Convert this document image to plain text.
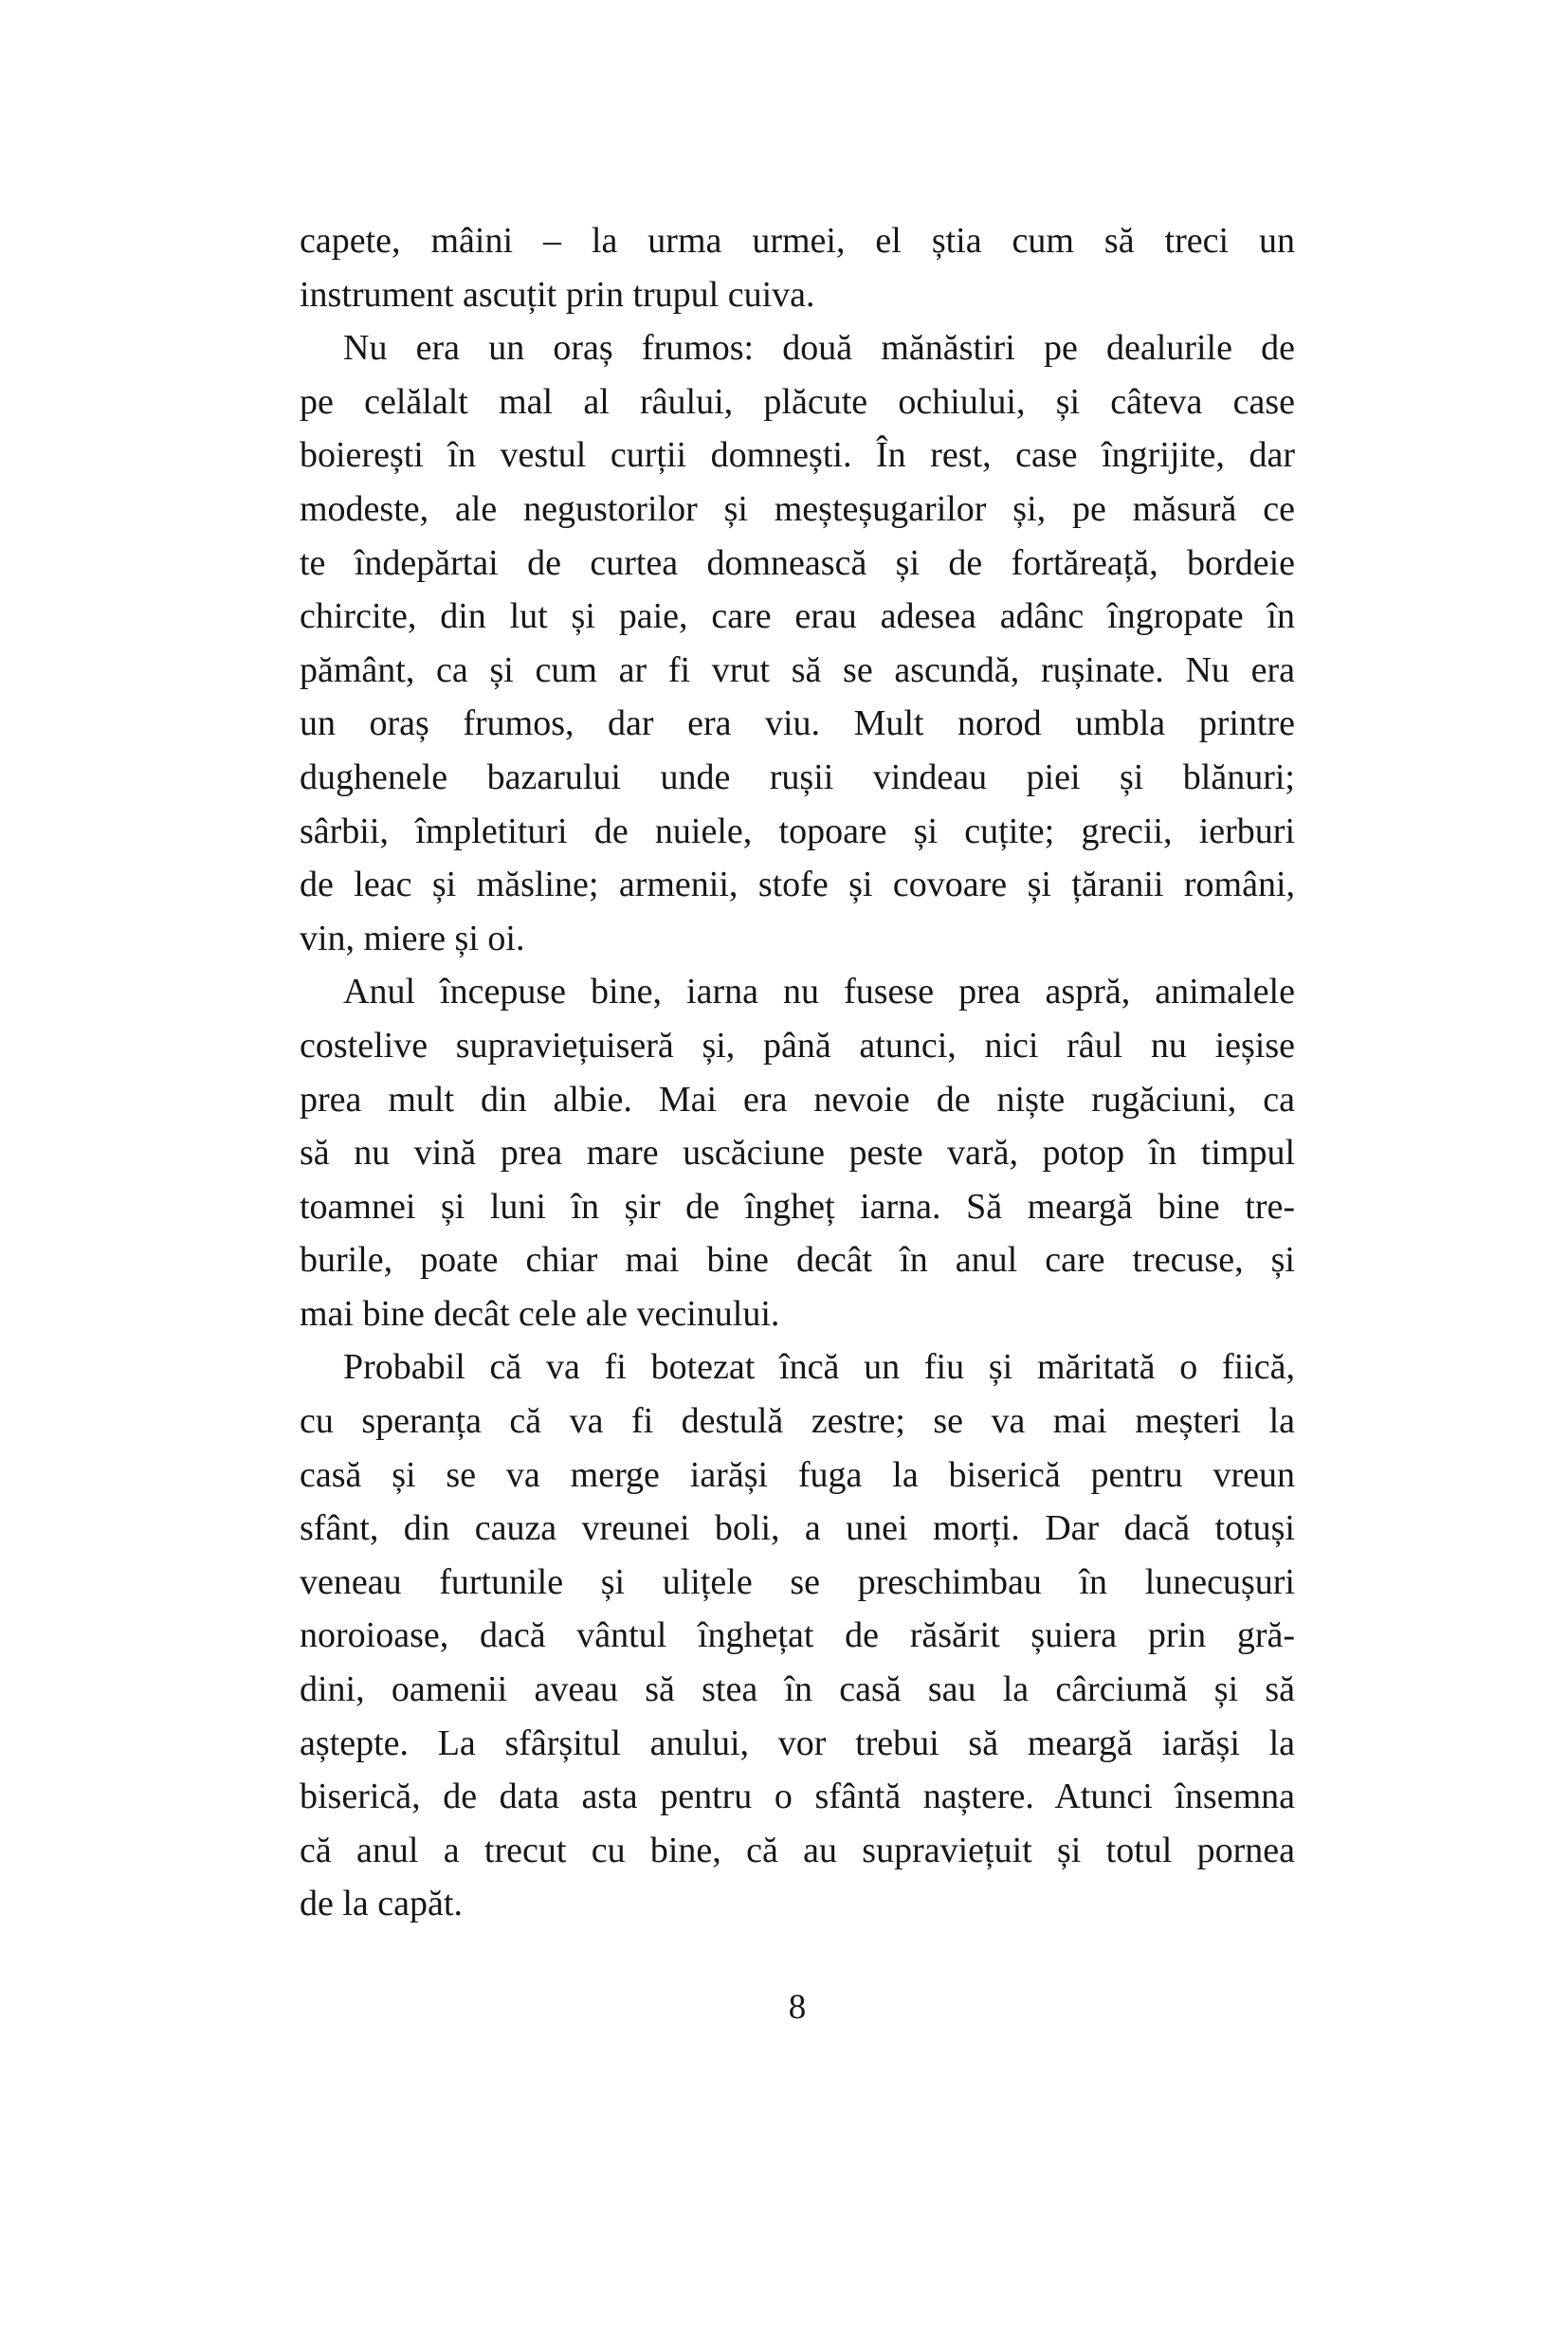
capete, mâini – la urma urmei, el știa cum să treci un
instrument ascuțit prin trupul cuiva.
Nu era un oraș frumos: două mănăstiri pe dealurile de
pe celălalt mal al râului, plăcute ochiului, și câteva case
boierești în vestul curții domnești. În rest, case îngrijite, dar
modeste, ale negustorilor și meșteșugarilor și, pe măsură ce
te îndepărtai de curtea domnească și de fortăreață, bordeie
chircite, din lut și paie, care erau adesea adânc îngropate în
pământ, ca și cum ar fi vrut să se ascundă, rușinate. Nu era
un oraș frumos, dar era viu. Mult norod umbla printre
dughenele bazarului unde rușii vindeau piei și blănuri;
sârbii, împletituri de nuiele, topoare și cuțite; grecii, ierburi
de leac și măsline; armenii, stofe și covoare și țăranii români,
vin, miere și oi.
Anul începuse bine, iarna nu fusese prea aspră, animalele
costelive supraviețuiseră și, până atunci, nici râul nu ieșise
prea mult din albie. Mai era nevoie de niște rugăciuni, ca
să nu vină prea mare uscăciune peste vară, potop în timpul
toamnei și luni în șir de îngheț iarna. Să meargă bine tre-
burile, poate chiar mai bine decât în anul care trecuse, și
mai bine decât cele ale vecinului.
Probabil că va fi botezat încă un fiu și măritată o fiică,
cu speranța că va fi destulă zestre; se va mai meșteri la
casă și se va merge iarăși fuga la biserică pentru vreun
sfânt, din cauza vreunei boli, a unei morți. Dar dacă totuși
veneau furtunile și ulițele se preschimbau în lunecușuri
noroioase, dacă vântul înghețat de răsărit șuiera prin gră-
dini, oamenii aveau să stea în casă sau la cârciumă și să
aștepte. La sfârșitul anului, vor trebui să meargă iarăși la
biserică, de data asta pentru o sfântă naștere. Atunci însemna
că anul a trecut cu bine, că au supraviețuit și totul pornea
de la capăt.
8
